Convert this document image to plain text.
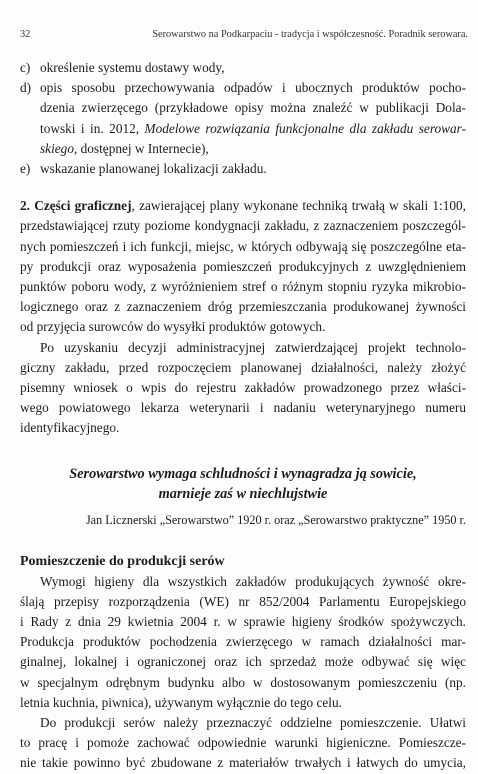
32	Serowarstwo na Podkarpaciu - tradycja i współczesność. Poradnik serowara.
c) określenie systemu dostawy wody,
d) opis sposobu przechowywania odpadów i ubocznych produktów pocho-
dzenia zwierzęcego (przykładowe opisy można znaleźć w publikacji Dola-
towski i in. 2012, Modelowe rozwiązania funkcjonalne dla zakładu serowar-
skiego, dostępnej w Internecie),
e) wskazanie planowanej lokalizacji zakładu.
2. Części graficznej, zawierającej plany wykonane techniką trwałą w skali 1:100,
przedstawiającej rzuty poziome kondygnacji zakładu, z zaznaczeniem poszczegól-
nych pomieszczeń i ich funkcji, miejsc, w których odbywają się poszczególne eta-
py produkcji oraz wyposażenia pomieszczeń produkcyjnych z uwzględnieniem
punktów poboru wody, z wyróżnieniem stref o różnym stopniu ryzyka mikrobio-
logicznego oraz z zaznaczeniem dróg przemieszczania produkowanej żywności
od przyjęcia surowców do wysyłki produktów gotowych.
Po uzyskaniu decyzji administracyjnej zatwierdzającej projekt technolo-
giczny zakładu, przed rozpoczęciem planowanej działalności, należy złożyć
pisemny wniosek o wpis do rejestru zakładów prowadzonego przez właści-
wego powiatowego lekarza weterynarii i nadaniu weterynaryjnego numeru
identyfikacyjnego.
Serowarstwo wymaga schludności i wynagradza ją sowicie,
marnieje zaś w niechlujstwie
Jan Licznerski „Serowarstwo” 1920 r. oraz „Serowarstwo praktyczne” 1950 r.
Pomieszczenie do produkcji serów
Wymogi higieny dla wszystkich zakładów produkujących żywność okre-
ślają przepisy rozporządzenia (WE) nr 852/2004 Parlamentu Europejskiego
i Rady z dnia 29 kwietnia 2004 r. w sprawie higieny środków spożywczych.
Produkcja produktów pochodzenia zwierzęcego w ramach działalności mar-
ginalnej, lokalnej i ograniczonej oraz ich sprzedaż może odbywać się więc
w specjalnym odrębnym budynku albo w dostosowanym pomieszczeniu (np.
letnia kuchnia, piwnica), używanym wyłącznie do tego celu.
Do produkcji serów należy przeznaczyć oddzielne pomieszczenie. Ułatwi
to pracę i pomoże zachować odpowiednie warunki higieniczne. Pomieszcze-
nie takie powinno być zbudowane z materiałów trwałych i łatwych do umycia,
